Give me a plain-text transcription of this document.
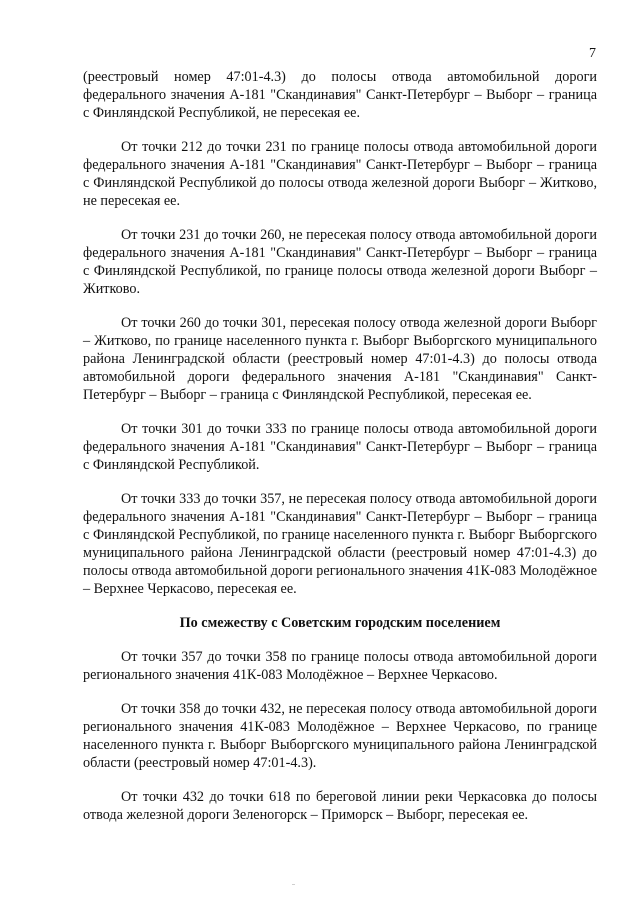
7

(реестровый номер 47:01-4.3) до полосы отвода автомобильной дороги федерального значения А-181 "Скандинавия" Санкт-Петербург – Выборг – граница с Финляндской Республикой, не пересекая ее.

От точки 212 до точки 231 по границе полосы отвода автомобильной дороги федерального значения А-181 "Скандинавия" Санкт-Петербург – Выборг – граница с Финляндской Республикой до полосы отвода железной дороги Выборг – Житково, не пересекая ее.

От точки 231 до точки 260, не пересекая полосу отвода автомобильной дороги федерального значения А-181 "Скандинавия" Санкт-Петербург – Выборг – граница с Финляндской Республикой, по границе полосы отвода железной дороги Выборг – Житково.

От точки 260 до точки 301, пересекая полосу отвода железной дороги Выборг – Житково, по границе населенного пункта г. Выборг Выборгского муниципального района Ленинградской области (реестровый номер 47:01-4.3) до полосы отвода автомобильной дороги федерального значения А-181 "Скандинавия" Санкт-Петербург – Выборг – граница с Финляндской Республикой, пересекая ее.

От точки 301 до точки 333 по границе полосы отвода автомобильной дороги федерального значения А-181 "Скандинавия" Санкт-Петербург – Выборг – граница с Финляндской Республикой.

От точки 333 до точки 357, не пересекая полосу отвода автомобильной дороги федерального значения А-181 "Скандинавия" Санкт-Петербург – Выборг – граница с Финляндской Республикой, по границе населенного пункта г. Выборг Выборгского муниципального района Ленинградской области (реестровый номер 47:01-4.3) до полосы отвода автомобильной дороги регионального значения 41К-083 Молодёжное – Верхнее Черкасово, пересекая ее.

По смежеству с Советским городским поселением

От точки 357 до точки 358 по границе полосы отвода автомобильной дороги регионального значения 41К-083 Молодёжное – Верхнее Черкасово.

От точки 358 до точки 432, не пересекая полосу отвода автомобильной дороги регионального значения 41К-083 Молодёжное – Верхнее Черкасово, по границе населенного пункта г. Выборг Выборгского муниципального района Ленинградской области (реестровый номер 47:01-4.3).

От точки 432 до точки 618 по береговой линии реки Черкасовка до полосы отвода железной дороги Зеленогорск – Приморск – Выборг, пересекая ее.
